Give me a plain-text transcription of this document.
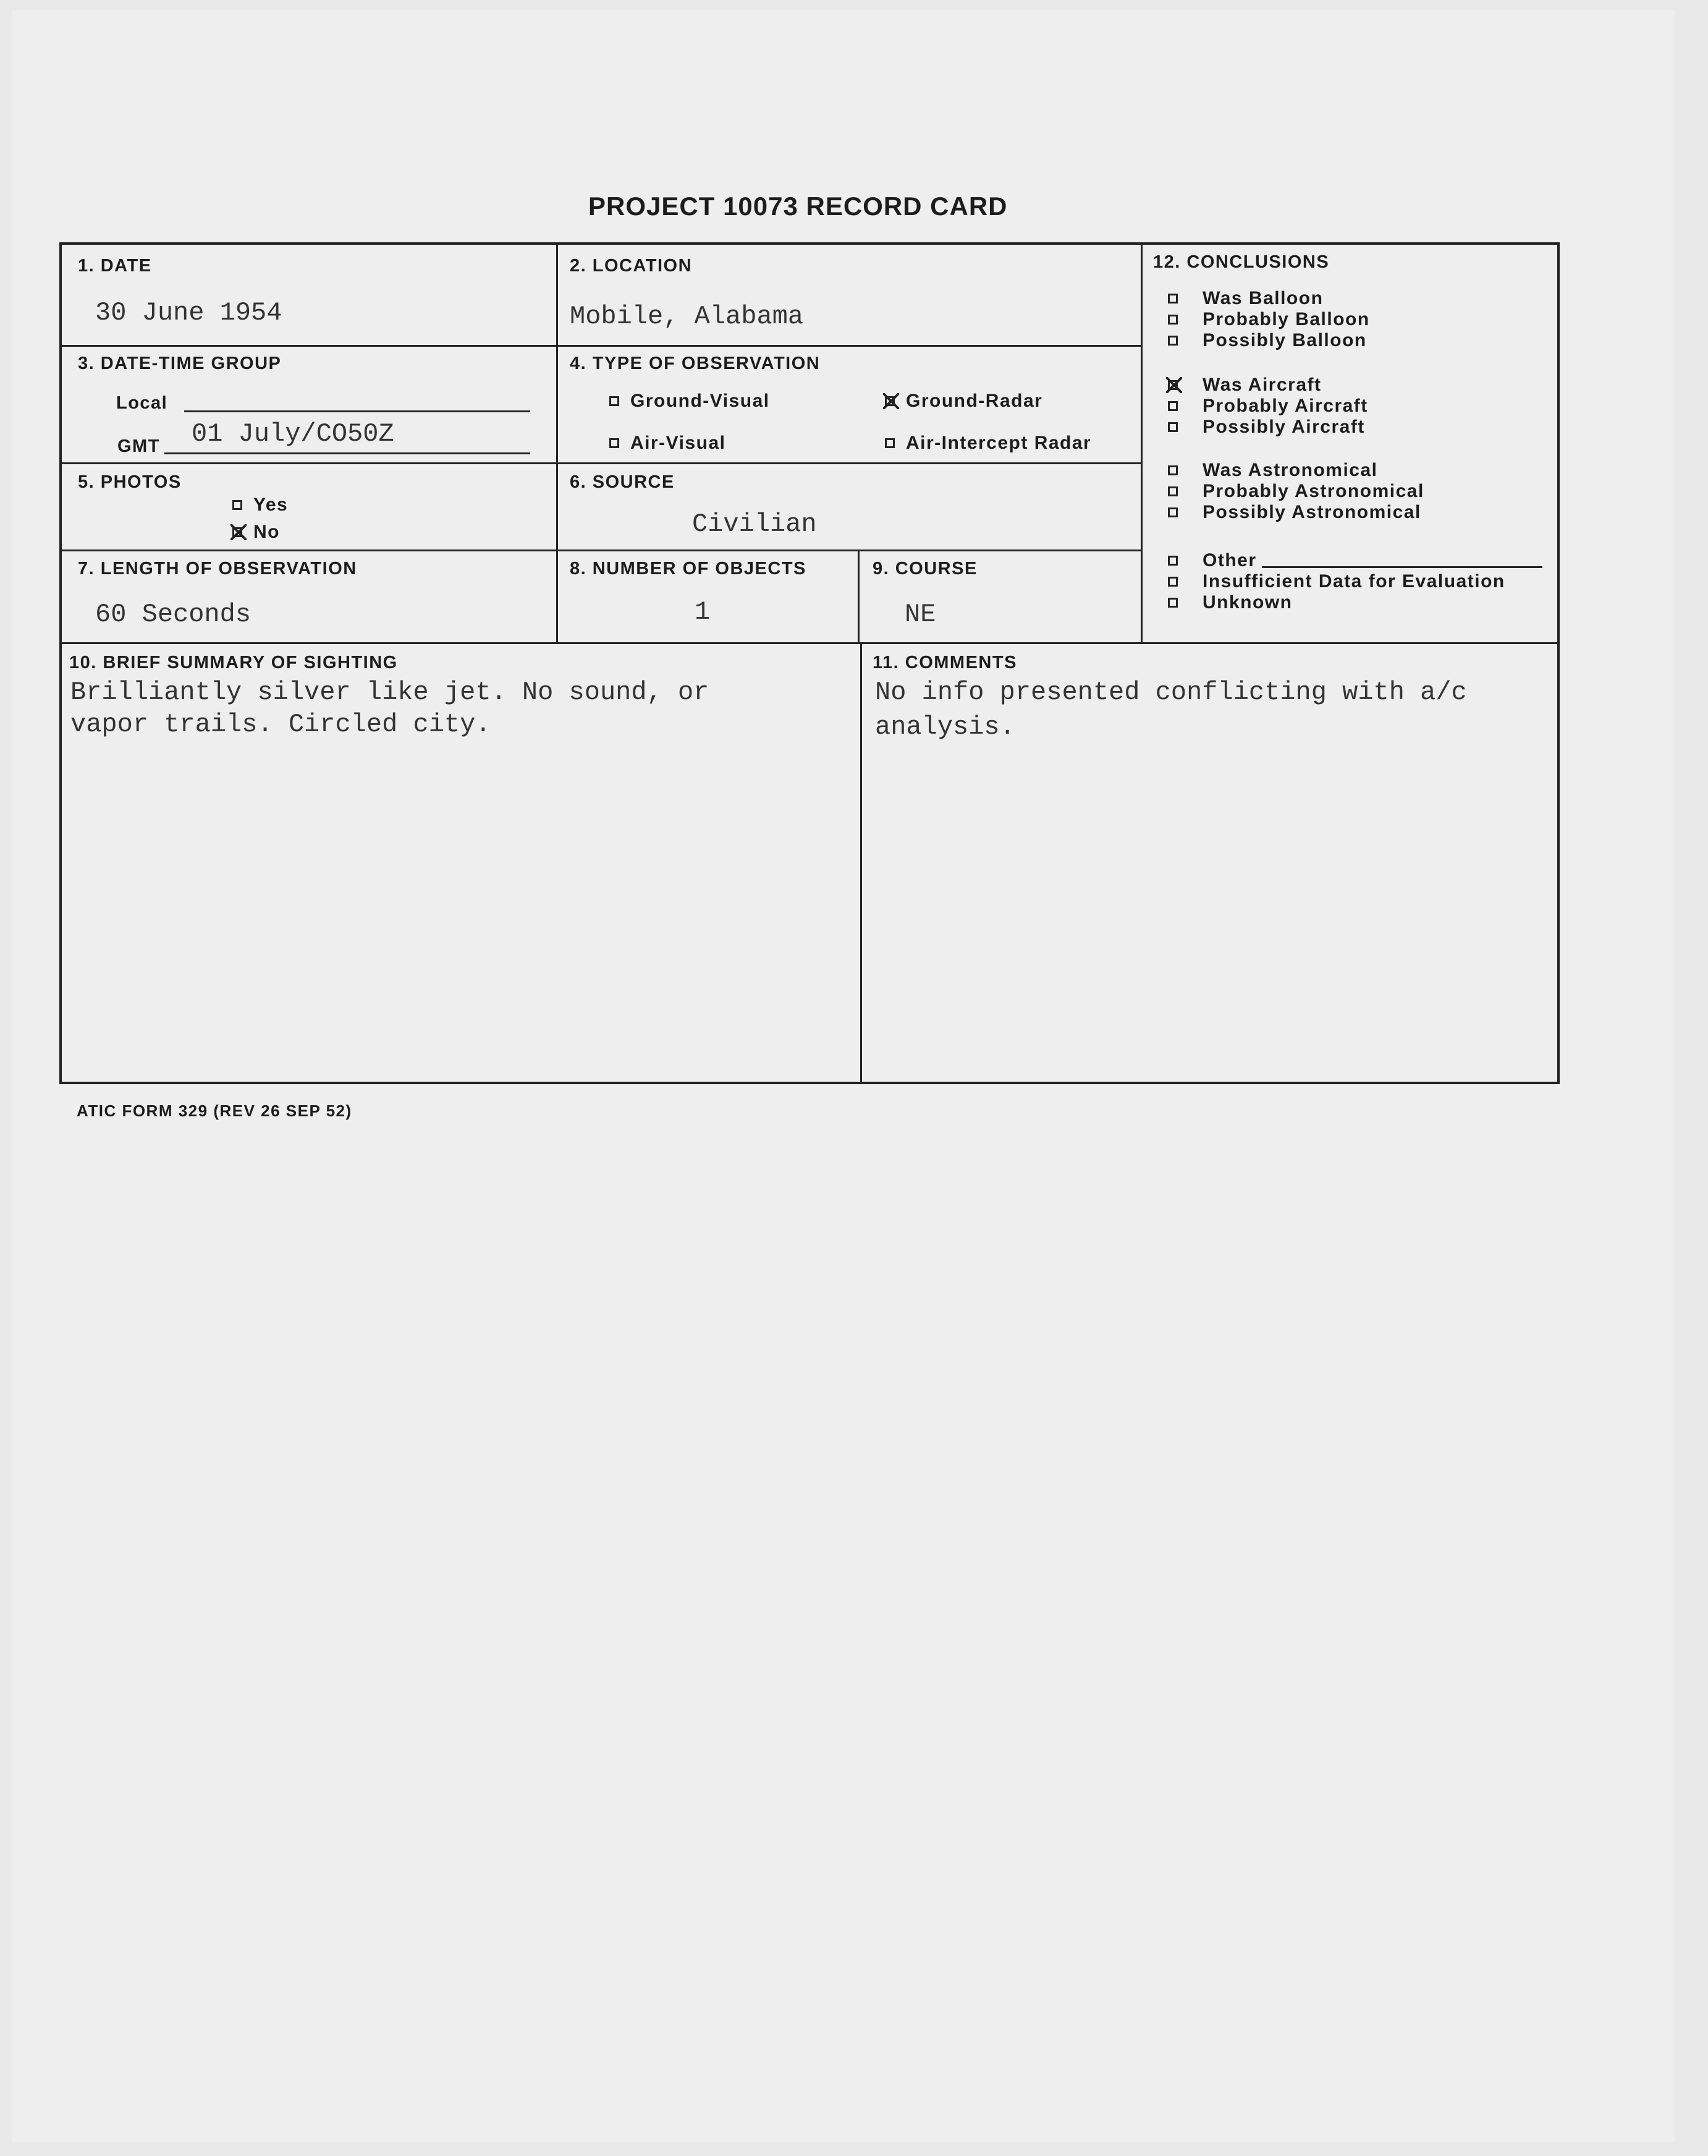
PROJECT 10073 RECORD CARD
1. DATE
30 June 1954
2. LOCATION
Mobile, Alabama
3. DATE-TIME GROUP
Local
GMT 01 July/CO50Z
4. TYPE OF OBSERVATION
Ground-Visual	Ground-Radar
Air-Visual	Air-Intercept Radar
5. PHOTOS
Yes
No
6. SOURCE
Civilian
7. LENGTH OF OBSERVATION
60 Seconds
8. NUMBER OF OBJECTS
1
9. COURSE
NE
10. BRIEF SUMMARY OF SIGHTING
Brilliantly silver like jet. No sound, or
vapor trails. Circled city.
11. COMMENTS
No info presented conflicting with a/c
analysis.
12. CONCLUSIONS
Was Balloon
Probably Balloon
Possibly Balloon
Was Aircraft
Probably Aircraft
Possibly Aircraft
Was Astronomical
Probably Astronomical
Possibly Astronomical
Other
Insufficient Data for Evaluation
Unknown
ATIC FORM 329 (REV 26 SEP 52)
